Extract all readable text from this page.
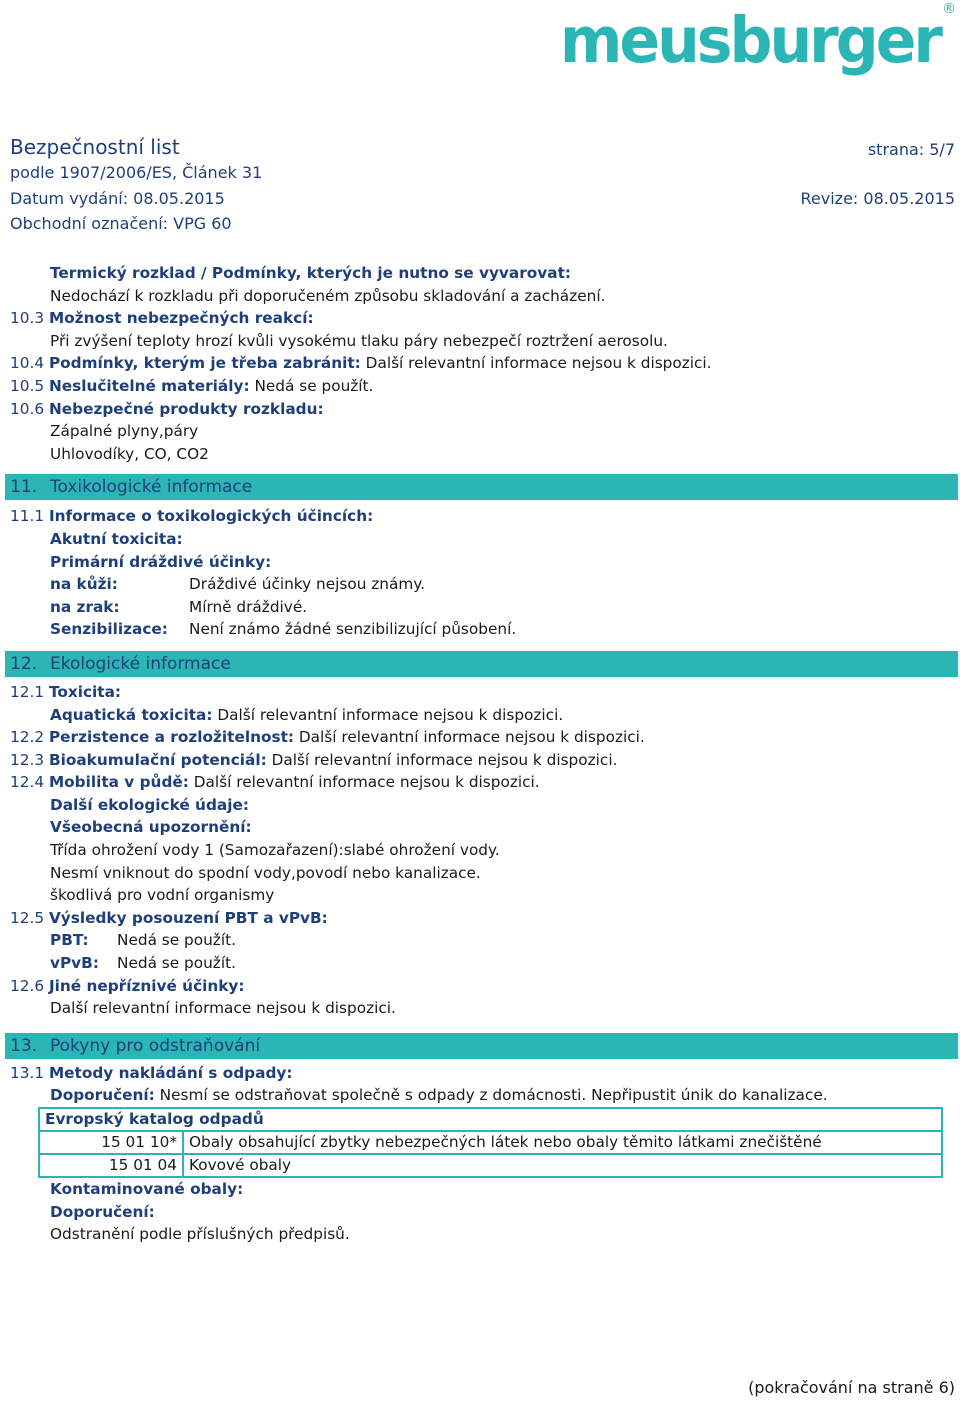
meusburger ®
Bezpečnostní list	strana: 5/7
podle 1907/2006/ES, Článek 31
Datum vydání: 08.05.2015	Revize: 08.05.2015
Obchodní označení: VPG 60
Termický rozklad / Podmínky, kterých je nutno se vyvarovat:
Nedochází k rozkladu při doporučeném způsobu skladování a zacházení.
10.3 Možnost nebezpečných reakcí:
Při zvýšení teploty hrozí kvůli vysokému tlaku páry nebezpečí roztržení aerosolu.
10.4 Podmínky, kterým je třeba zabránit: Další relevantní informace nejsou k dispozici.
10.5 Neslučitelné materiály: Nedá se použít.
10.6 Nebezpečné produkty rozkladu:
Zápalné plyny,páry
Uhlovodíky, CO, CO2
11. Toxikologické informace
11.1 Informace o toxikologických účincích:
Akutní toxicita:
Primární dráždivé účinky:
na kůži:	Dráždivé účinky nejsou známy.
na zrak:	Mírně dráždivé.
Senzibilizace:	Není známo žádné senzibilizující působení.
12. Ekologické informace
12.1 Toxicita:
Aquatická toxicita: Další relevantní informace nejsou k dispozici.
12.2 Perzistence a rozložitelnost: Další relevantní informace nejsou k dispozici.
12.3 Bioakumulační potenciál: Další relevantní informace nejsou k dispozici.
12.4 Mobilita v půdě: Další relevantní informace nejsou k dispozici.
Další ekologické údaje:
Všeobecná upozornění:
Třída ohrožení vody 1 (Samozařazení):slabé ohrožení vody.
Nesmí vniknout do spodní vody,povodí nebo kanalizace.
škodlivá pro vodní organismy
12.5 Výsledky posouzení PBT a vPvB:
PBT:	Nedá se použít.
vPvB:	Nedá se použít.
12.6 Jiné nepříznivé účinky:
Další relevantní informace nejsou k dispozici.
13. Pokyny pro odstraňování
13.1 Metody nakládání s odpady:
Doporučení: Nesmí se odstraňovat společně s odpady z domácnosti. Nepřipustit únik do kanalizace.
Evropský katalog odpadů	
15 01 10*	Obaly obsahující zbytky nebezpečných látek nebo obaly těmito látkami znečištěné
15 01 04	Kovové obaly
Kontaminované obaly:
Doporučení:
Odstranění podle příslušných předpisů.
(pokračování na straně 6)
